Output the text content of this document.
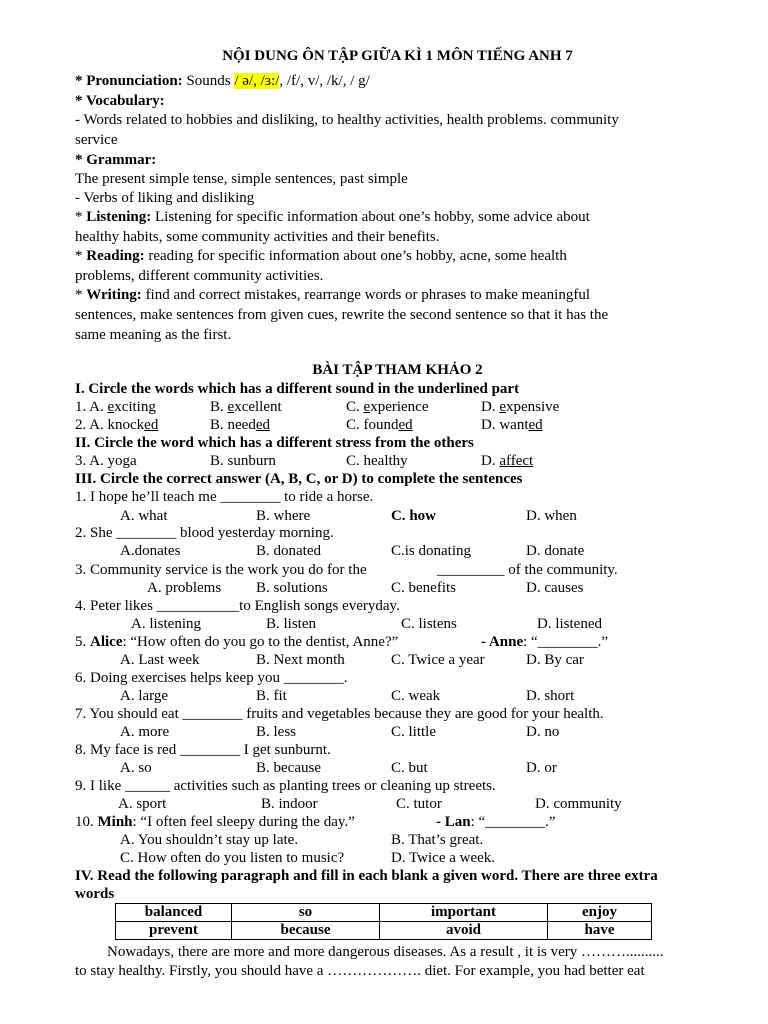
NỘI DUNG ÔN TẬP GIỮA KÌ 1 MÔN TIẾNG ANH 7
* Pronunciation: Sounds / ə/, /ɜ:/, /f/, v/, /k/, / g/
* Vocabulary:
- Words related to hobbies and disliking, to healthy activities, health problems. community
service
* Grammar:
The present simple tense, simple sentences, past simple
- Verbs of liking and disliking
* Listening: Listening for specific information about one’s hobby, some advice about
healthy habits, some community activities and their benefits.
* Reading: reading for specific information about one’s hobby, acne, some health
problems, different community activities.
* Writing: find and correct mistakes, rearrange words or phrases to make meaningful
sentences, make sentences from given cues, rewrite the second sentence so that it has the
same meaning as the first.
BÀI TẬP THAM KHẢO 2
I. Circle the words which has a different sound in the underlined part
1. A. exciting	B. excellent	C. experience	D. expensive
2. A. knocked	B. needed	C. founded	D. wanted
II. Circle the word which has a different stress from the others
3. A. yoga	B. sunburn	C. healthy	D. affect
III. Circle the correct answer (A, B, C, or D) to complete the sentences
1. I hope he’ll teach me ________ to ride a horse.
A. what	B. where	C. how	D. when
2. She ________ blood yesterday morning.
A.donates	B. donated	C.is donating	D. donate
3. Community service is the work you do for the	_________ of the community.
A. problems B. solutions	C. benefits	D. causes
4. Peter likes ___________to English songs everyday.
A. listening	B. listen	C. listens	D. listened
5. Alice: “How often do you go to the dentist, Anne?”	- Anne: “________.”
A. Last week	B. Next month	C. Twice a year	D. By car
6. Doing exercises helps keep you ________.
A. large	B. fit	C. weak	D. short
7. You should eat ________ fruits and vegetables because they are good for your health.
A. more	B. less	C. little	D. no
8. My face is red ________ I get sunburnt.
A. so	B. because	C. but	D. or
9. I like ______ activities such as planting trees or cleaning up streets.
A. sport	B. indoor	C. tutor	D. community
10. Minh: “I often feel sleepy during the day.”	- Lan: “________.”
A. You shouldn’t stay up late.	B. That’s great.
C. How often do you listen to music?	D. Twice a week.
IV. Read the following paragraph and fill in each blank a given word. There are three extra
words
balanced	so	important	enjoy
prevent	because	avoid	have
Nowadays, there are more and more dangerous diseases. As a result , it is very ………..........
to stay healthy. Firstly, you should have a ………………. diet. For example, you had better eat
